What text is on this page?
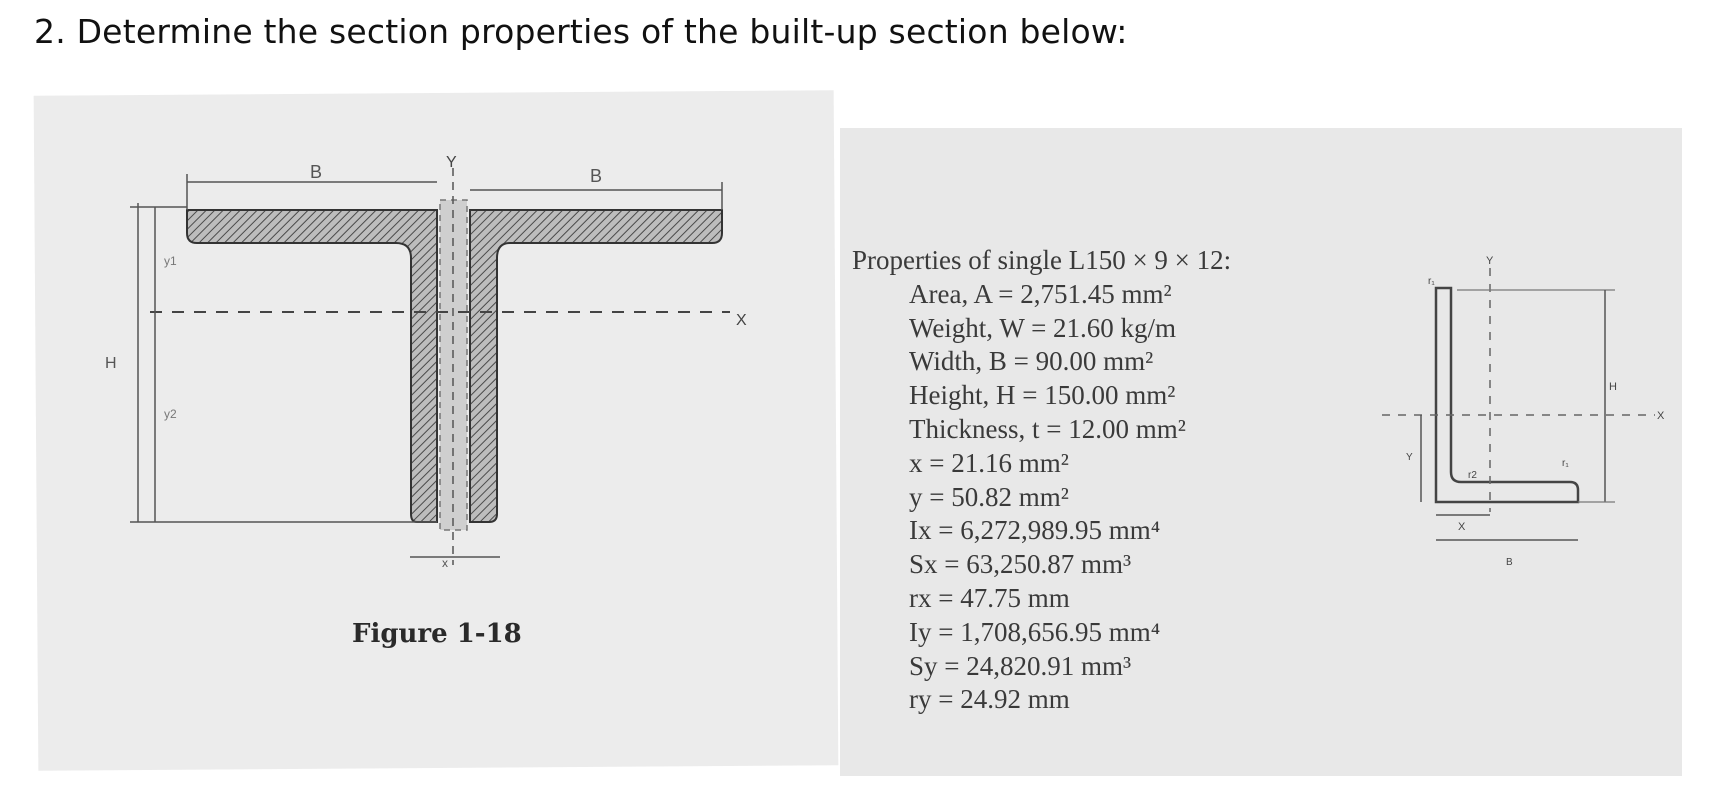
2. Determine the section properties of the built-up section below:
B	B
Y
X
H
y1
y2
x
Figure 1-18
Properties of single L150 × 9 × 12:
Area, A = 2,751.45 mm²
Weight, W = 21.60 kg/m
Width, B = 90.00 mm²
Height, H = 150.00 mm²
Thickness, t = 12.00 mm²
x = 21.16 mm²
y = 50.82 mm²
Ix = 6,272,989.95 mm⁴
Sx = 63,250.87 mm³
rx = 47.75 mm
Iy = 1,708,656.95 mm⁴
Sy = 24,820.91 mm³
ry = 24.92 mm
Y
X
H
B
r₁
r₁
r2
Y
X
